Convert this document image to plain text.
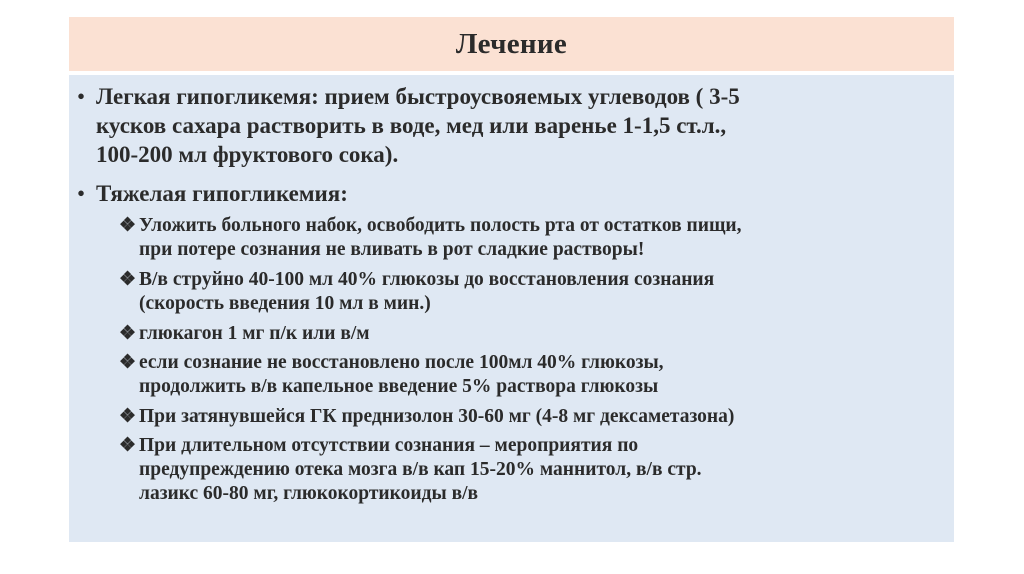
Лечение
• Легкая гипогликемя: прием быстроусвояемых углеводов ( 3-5
кусков сахара растворить в воде, мед или варенье 1-1,5 ст.л.,
100-200 мл фруктового сока).
• Тяжелая гипогликемия:
❖ Уложить больного набок, освободить полость рта от остатков пищи,
при потере сознания не вливать в рот сладкие растворы!
❖ В/в струйно 40-100 мл 40% глюкозы до восстановления сознания
(скорость введения 10 мл в мин.)
❖ глюкагон 1 мг п/к или в/м
❖ если сознание не восстановлено после 100мл 40% глюкозы,
продолжить в/в капельное введение 5% раствора глюкозы
❖ При затянувшейся ГК преднизолон 30-60 мг (4-8 мг дексаметазона)
❖ При длительном отсутствии сознания – мероприятия по
предупреждению отека мозга в/в кап 15-20% маннитол, в/в стр.
лазикс 60-80 мг, глюкокортикоиды в/в
